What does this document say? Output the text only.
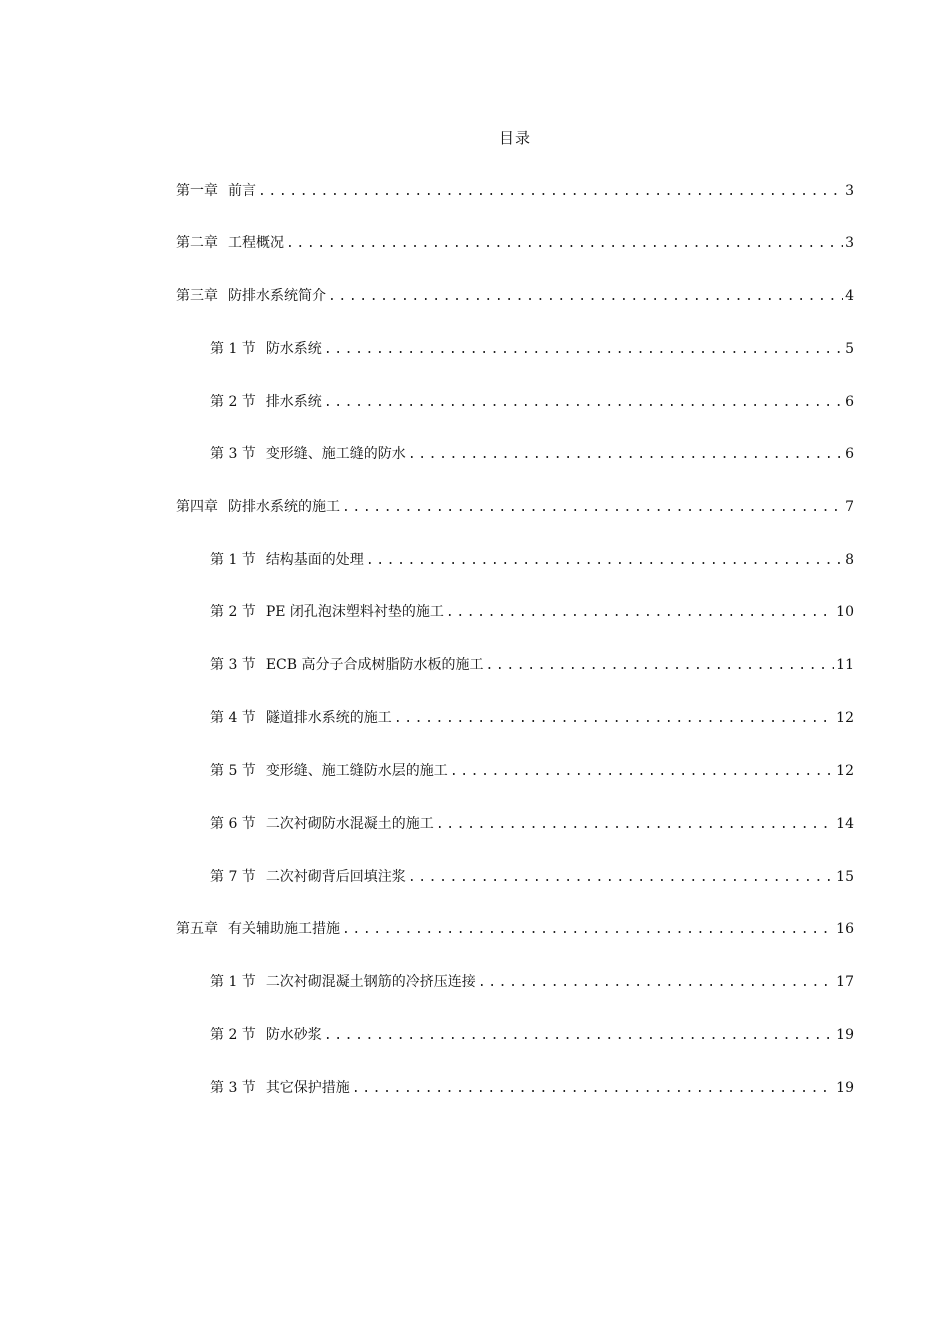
目录
第一章 前言 .....	3
第二章 工程概况 .....	3
第三章 防排水系统简介 .....	4
第 1 节 防水系统 .....	5
第 2 节 排水系统 .....	6
第 3 节 变形缝、施工缝的防水 .....	6
第四章 防排水系统的施工 .....	7
第 1 节 结构基面的处理 .....	8
第 2 节 PE 闭孔泡沫塑料衬垫的施工 .....	10
第 3 节 ECB 高分子合成树脂防水板的施工 .....	11
第 4 节 隧道排水系统的施工 .....	12
第 5 节 变形缝、施工缝防水层的施工 .....	12
第 6 节 二次衬砌防水混凝土的施工 .....	14
第 7 节 二次衬砌背后回填注浆 .....	15
第五章 有关辅助施工措施 .....	16
第 1 节 二次衬砌混凝土钢筋的冷挤压连接 .....	17
第 2 节 防水砂浆 .....	19
第 3 节 其它保护措施 .....	19
